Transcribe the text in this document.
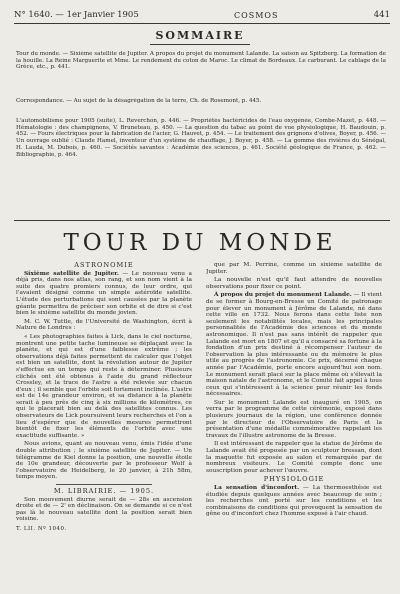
N° 1640. — 1er Janvier 1905	COSMOS	441
SOMMAIRE
Tour du monde. — Sixième satellite de Jupiter. À propos du projet du monument Lalande. La saison au Spitzberg. La formation de la houille. La Reine Marguerite et Mme. Le rendement du coton de Maroc. Le climat de Bordeaux. Le carburant. Le cablage de la Grèce, etc., p. 441.
Correspondance. — Au sujet de la désagrégation de la terre, Ch. de Rosemont, p. 445.
L'automobilisme pour 1905 (suite), L. Reverchon, p. 446. — Propriétés bactéricides de l'eau oxygénée, Combe-Mazet, p. 448. — Hématologie : des champignons, V. Bruneteau, p. 450. — La question du tabac au point de vue physiologique, H. Baudouin, p. 452. — Fours électriques pour la fabrication de l'acier, G. Hauvet, p. 454. — Le traitement des grignons d'olives, Boyer, p. 456. — Un ouvrage oublié : Claude Hamel, inventeur d'un système de chauffage, J. Boyer, p. 458. — La gomme des rivières du Sénégal, H. Lauda, M. Dubois, p. 460. — Sociétés savantes : Académie des sciences, p. 461. Société géologique de France, p. 462. — Bibliographie, p. 464.
TOUR DU MONDE

ASTRONOMIE

Sixième satellite de Jupiter. — Le nouveau venu a déjà pris, dans nos atlas, son rang, et son nom vient à la suite des quatre premiers connus, de leur ordre, qui l'avaient désigné comme un simple astéroïde satellite. L'étude des perturbations qui sont causées par la planète géante permettra de préciser son orbite et de dire si c'est bien le sixième satellite du monde jovien.

M. C. W. Tuttle, de l'Université de Washington, écrit à Nature de Londres :

« Les photographies faites à Lick, dans le ciel nocturne, montrent une petite tache lumineuse se déplaçant avec la planète, et qui est d'une faiblesse extrême ; les observations déjà faites permettent de calculer que l'objet est bien un satellite, dont la révolution autour de Jupiter s'effectue en un temps qui reste à déterminer. Plusieurs clichés ont été obtenus à l'aide du grand réflecteur Crossley, et la trace de l'astre a été relevée sur chacun d'eux ; il semble que l'orbite soit fortement inclinée. L'astre est de 14e grandeur environ, et sa distance à la planète serait à peu près de cinq à six millions de kilomètres, ce qui le placerait bien au delà des satellites connus. Les observateurs de Lick poursuivent leurs recherches et l'on a lieu d'espérer que de nouvelles mesures permettront bientôt de fixer les éléments de l'orbite avec une exactitude suffisante. »

Nous avions, quant au nouveau venu, émis l'idée d'une double attribution ; le sixième satellite de Jupiter. — Un télégramme de Kiel donne la position, une nouvelle étoile de 10e grandeur, découverte par le professeur Wolf à l'observatoire de Heidelberg, le 20 janvier, à 21h 58m, temps moyen.

M. LIBRAIRIE. — 1905.

Son mouvement diurne serait de — 28s en ascension droite et de — 2' en déclinaison. On se demande si ce n'est pas là le nouveau satellite dont la position serait bien voisine.

T. LII. Nº 1040.

que par M. Perrine, comme un sixième satellite de Jupiter.

La nouvelle n'est qu'il faut attendre de nouvelles observations pour fixer ce point.

À propos du projet du monument Lalande. — Il vient de se former à Bourg-en-Bresse un Comité de patronage pour élever un monument à Jérôme de Lalande, né dans cette ville en 1732. Nous ferons dans cette liste non seulement les notabilités locales, mais les principales personnalités de l'Académie des sciences et du monde astronomique. Il n'est pas sans intérêt de rappeler que Lalande est mort en 1807 et qu'il a consacré sa fortune à la fondation d'un prix destiné à récompenser l'auteur de l'observation la plus intéressante ou du mémoire le plus utile au progrès de l'astronomie. Ce prix, décerné chaque année par l'Académie, porte encore aujourd'hui son nom. Le monument serait placé sur la place même où s'élevait la maison natale de l'astronome, et le Comité fait appel à tous ceux qui s'intéressent à la science pour réunir les fonds nécessaires.

Sur le monument Lalande est inauguré en 1905, on verra par le programme de cette cérémonie, exposé dans plusieurs journaux de la région, une conférence donnée par le directeur de l'Observatoire de Paris et la présentation d'une médaille commémorative rappelant les travaux de l'illustre astronome de la Bresse.

Il est intéressant de rappeler que la statue de Jérôme de Lalande avait été proposée par un sculpteur bressan, dont la maquette fut exposée au salon et remarquée par de nombreux visiteurs. Le Comité compte donc une souscription pour achever l'œuvre.

PHYSIOLOGIE

La sensation d'inconfort. — La thermoesthésie est étudiée depuis quelques années avec beaucoup de soin ; les recherches ont porté sur les conditions et les combinaisons de conditions qui provoquent la sensation de gêne ou d'inconfort chez l'homme exposé à l'air chaud.
